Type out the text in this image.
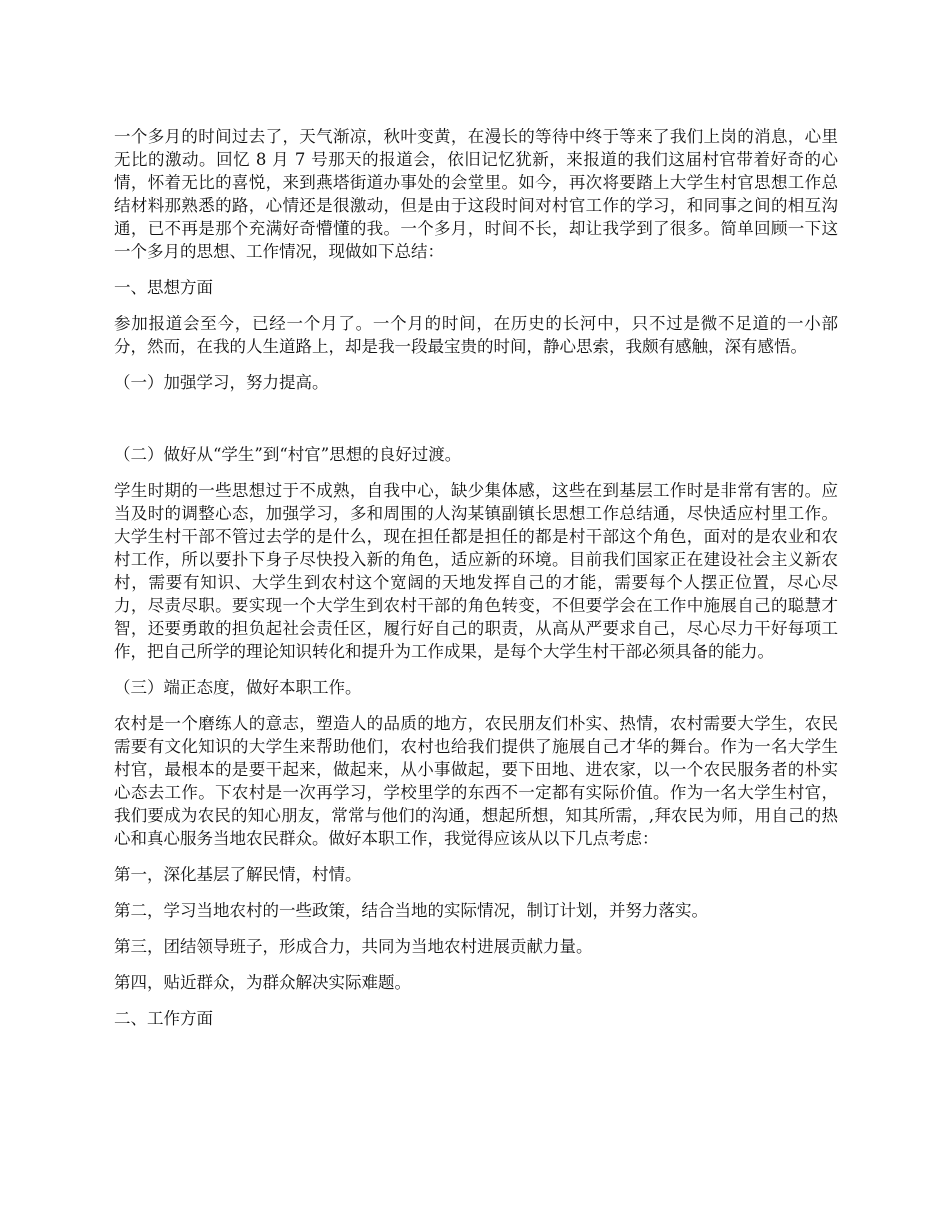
一个多月的时间过去了，天气渐凉，秋叶变黄，在漫长的等待中终于等来了我们上岗的消息，心里无比的激动。回忆 8 月 7 号那天的报道会，依旧记忆犹新，来报道的我们这届村官带着好奇的心情，怀着无比的喜悦，来到燕塔街道办事处的会堂里。如今，再次将要踏上大学生村官思想工作总结材料那熟悉的路，心情还是很激动，但是由于这段时间对村官工作的学习，和同事之间的相互沟通，已不再是那个充满好奇懵懂的我。一个多月，时间不长，却让我学到了很多。简单回顾一下这一个多月的思想、工作情况，现做如下总结：

一、思想方面

参加报道会至今，已经一个月了。一个月的时间，在历史的长河中，只不过是微不足道的一小部分，然而，在我的人生道路上，却是我一段最宝贵的时间，静心思索，我颇有感触，深有感悟。

（一）加强学习，努力提高。

（二）做好从“学生”到“村官”思想的良好过渡。

学生时期的一些思想过于不成熟，自我中心，缺少集体感，这些在到基层工作时是非常有害的。应当及时的调整心态，加强学习，多和周围的人沟某镇副镇长思想工作总结通，尽快适应村里工作。大学生村干部不管过去学的是什么，现在担任都是担任的都是村干部这个角色，面对的是农业和农村工作，所以要扑下身子尽快投入新的角色，适应新的环境。目前我们国家正在建设社会主义新农村，需要有知识、大学生到农村这个宽阔的天地发挥自己的才能，需要每个人摆正位置，尽心尽力，尽责尽职。要实现一个大学生到农村干部的角色转变，不但要学会在工作中施展自己的聪慧才智，还要勇敢的担负起社会责任区，履行好自己的职责，从高从严要求自己，尽心尽力干好每项工作，把自己所学的理论知识转化和提升为工作成果，是每个大学生村干部必须具备的能力。

（三）端正态度，做好本职工作。

农村是一个磨练人的意志，塑造人的品质的地方，农民朋友们朴实、热情，农村需要大学生，农民需要有文化知识的大学生来帮助他们，农村也给我们提供了施展自己才华的舞台。作为一名大学生村官，最根本的是要干起来，做起来，从小事做起，要下田地、进农家，以一个农民服务者的朴实心态去工作。下农村是一次再学习，学校里学的东西不一定都有实际价值。作为一名大学生村官，我们要成为农民的知心朋友，常常与他们的沟通，想起所想，知其所需，,拜农民为师，用自己的热心和真心服务当地农民群众。做好本职工作，我觉得应该从以下几点考虑：

第一，深化基层了解民情，村情。

第二，学习当地农村的一些政策，结合当地的实际情况，制订计划，并努力落实。

第三，团结领导班子，形成合力，共同为当地农村进展贡献力量。

第四，贴近群众，为群众解决实际难题。

二、工作方面
